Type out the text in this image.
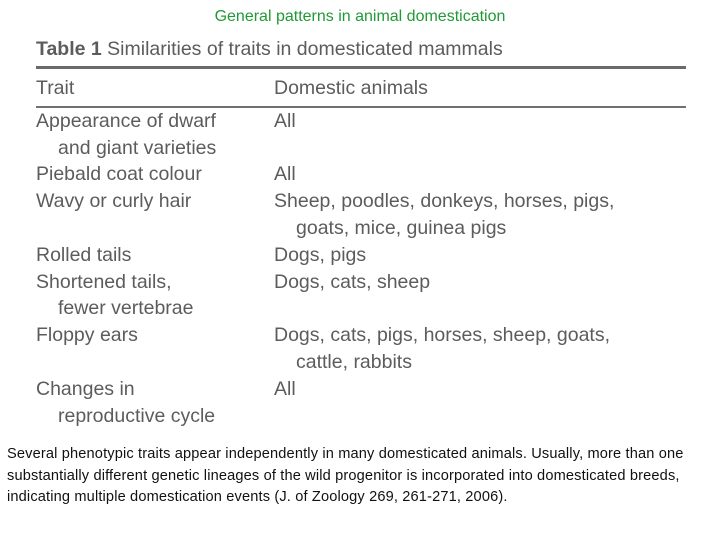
General patterns in animal domestication
Table 1 Similarities of traits in domesticated mammals
Trait	Domestic animals

Appearance of dwarf
and giant varieties	All

Piebald coat colour	All

Wavy or curly hair	Sheep, poodles, donkeys, horses, pigs,
goats, mice, guinea pigs

Rolled tails	Dogs, pigs

Shortened tails,
fewer vertebrae	Dogs, cats, sheep

Floppy ears	Dogs, cats, pigs, horses, sheep, goats,
cattle, rabbits

Changes in
reproductive cycle	All
Several phenotypic traits appear independently in many domesticated animals. Usually, more than one substantially different genetic lineages of the wild progenitor is incorporated into domesticated breeds, indicating multiple domestication events (J. of Zoology 269, 261-271, 2006).
